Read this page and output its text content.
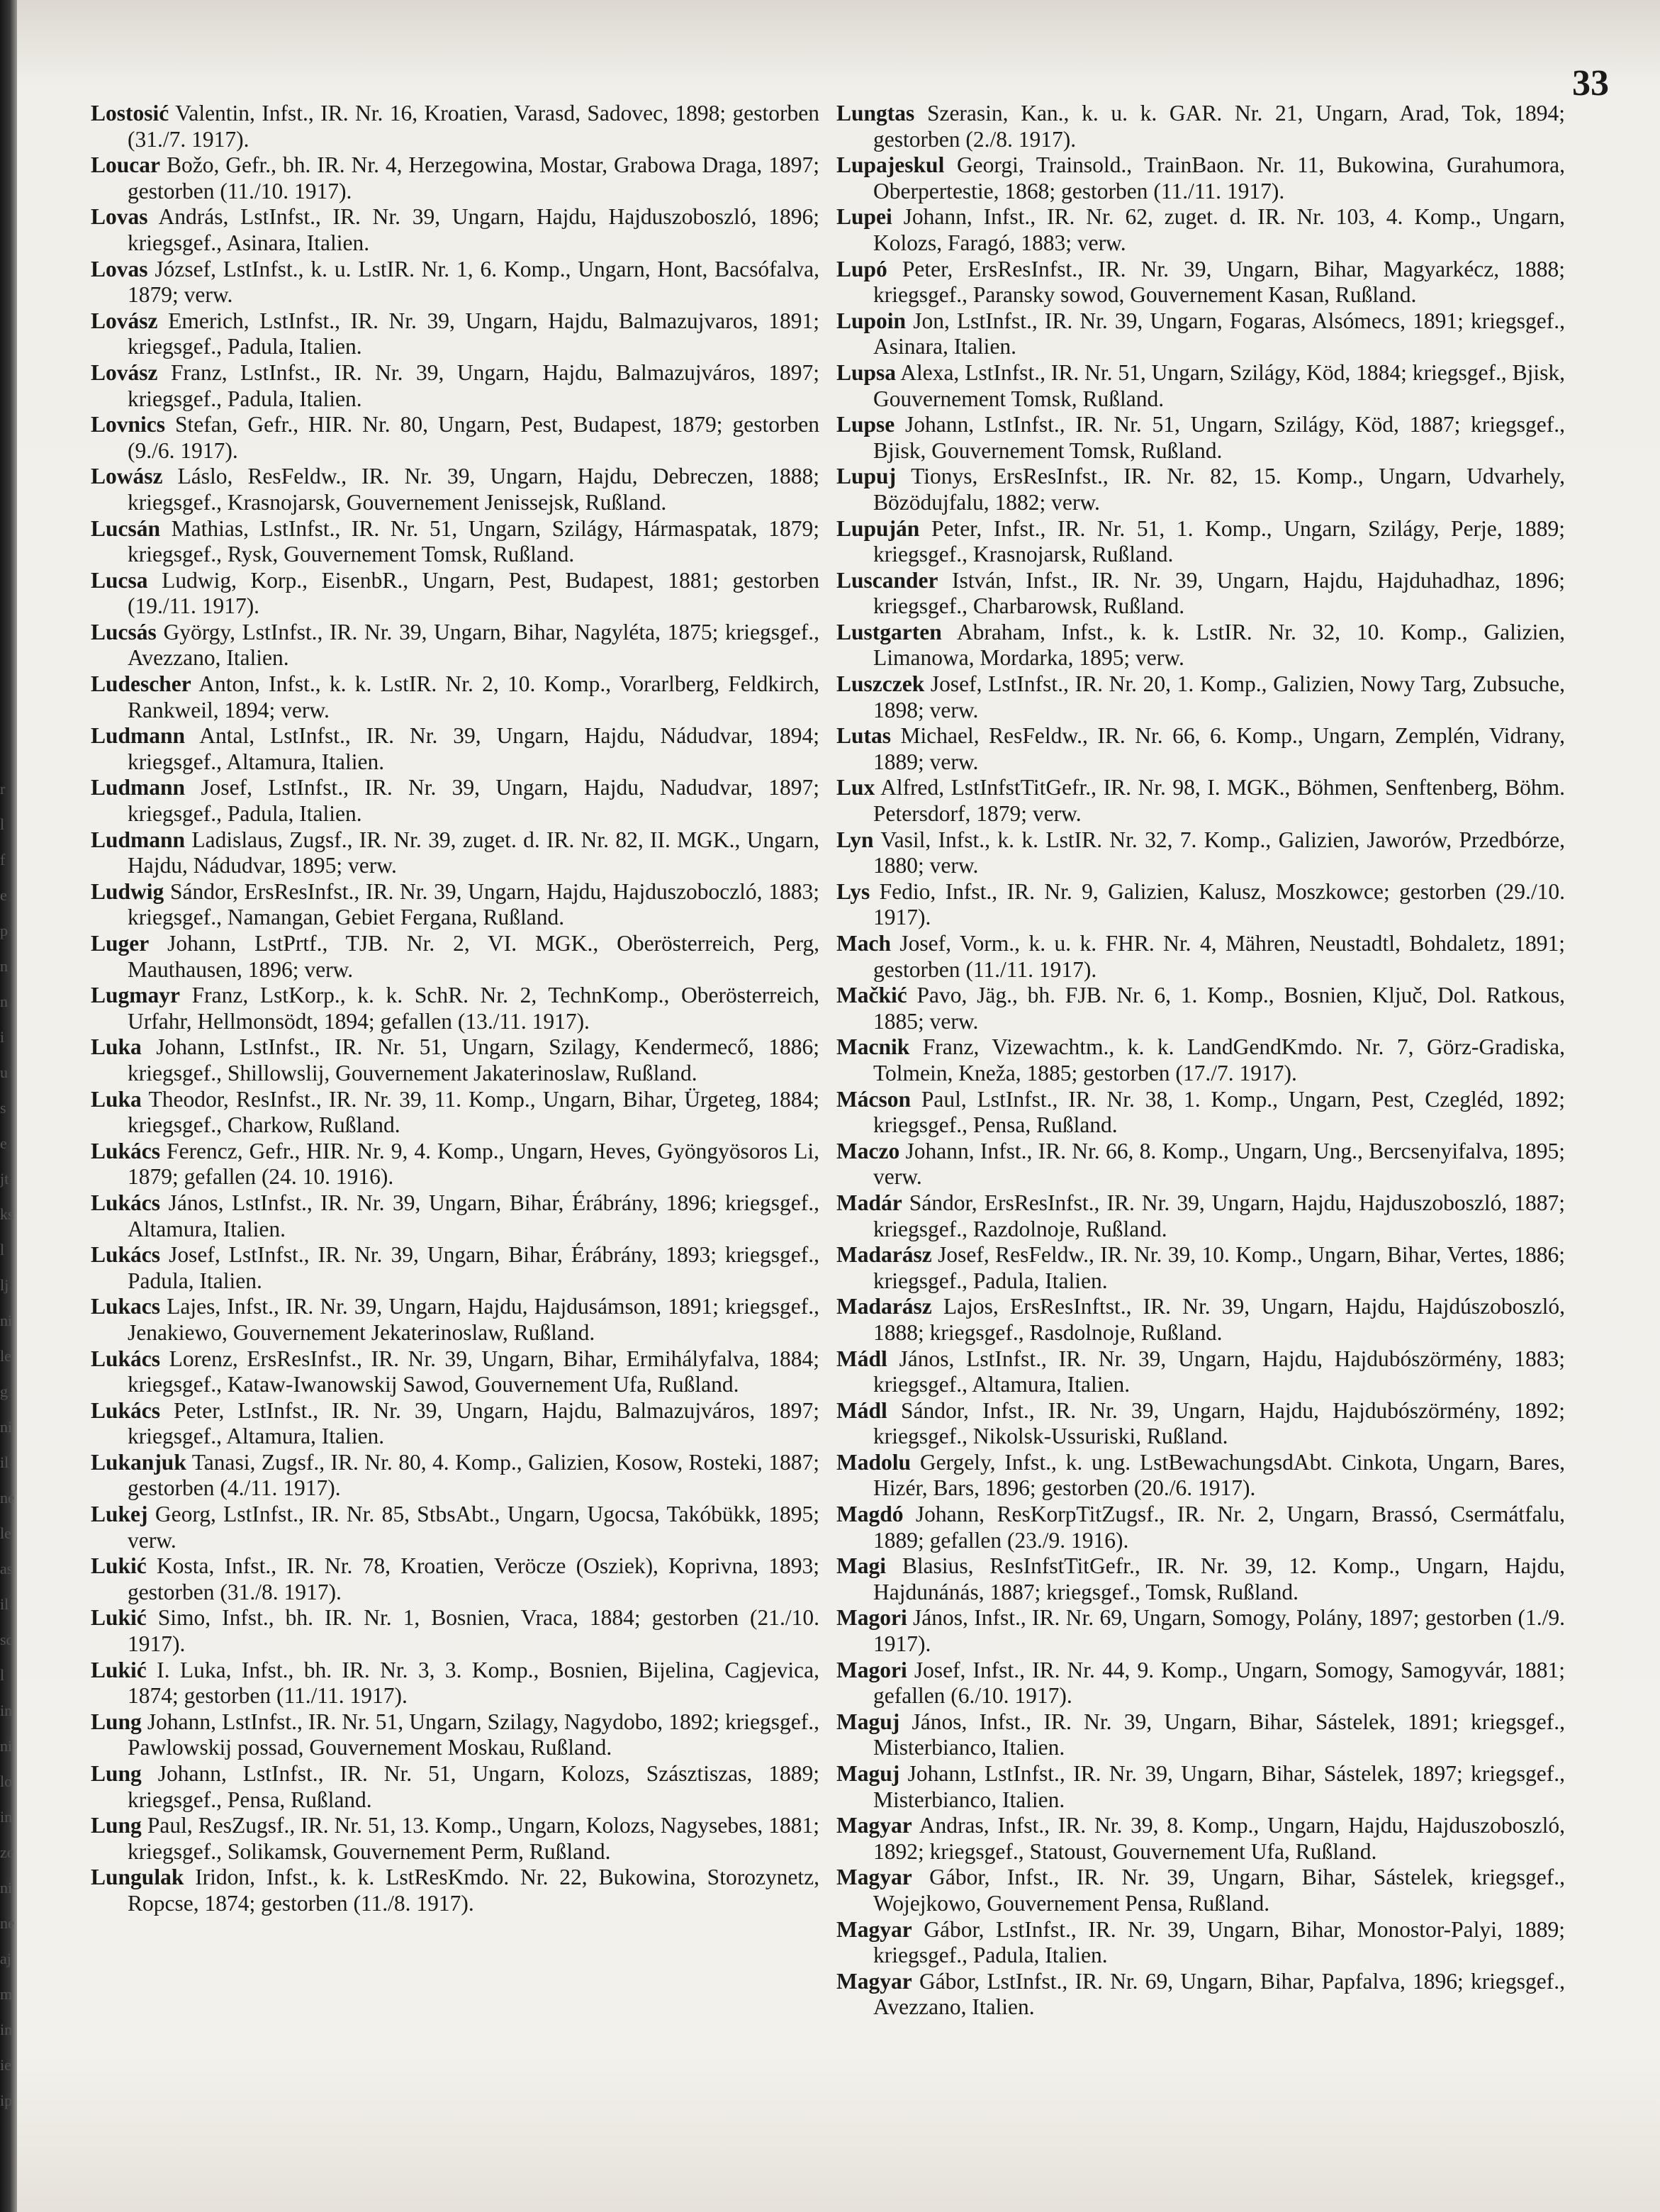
r
l
f
e
p
n
n
i
u
s
e
jt
ks
l
lj
ni
le
g
ni
il
ne
le
as
il
sc
l
in
ni
lo
in
ze
ni
ne
aj
m
in
ie
ip
33
Lostosić Valentin, Infst., IR. Nr. 16, Kroatien, Varasd, Sadovec, 1898; gestorben (31./7. 1917).
Loucar Božo, Gefr., bh. IR. Nr. 4, Herzegowina, Mostar, Grabowa Draga, 1897; gestorben (11./10. 1917).
Lovas András, LstInfst., IR. Nr. 39, Ungarn, Hajdu, Hajduszoboszló, 1896; kriegsgef., Asinara, Italien.
Lovas József, LstInfst., k. u. LstIR. Nr. 1, 6. Komp., Ungarn, Hont, Bacsófalva, 1879; verw.
Lovász Emerich, LstInfst., IR. Nr. 39, Ungarn, Hajdu, Balmazujvaros, 1891; kriegsgef., Padula, Italien.
Lovász Franz, LstInfst., IR. Nr. 39, Ungarn, Hajdu, Balmazujváros, 1897; kriegsgef., Padula, Italien.
Lovnics Stefan, Gefr., HIR. Nr. 80, Ungarn, Pest, Budapest, 1879; gestorben (9./6. 1917).
Lowász Láslo, ResFeldw., IR. Nr. 39, Ungarn, Hajdu, Debreczen, 1888; kriegsgef., Krasnojarsk, Gouvernement Jenissejsk, Rußland.
Lucsán Mathias, LstInfst., IR. Nr. 51, Ungarn, Szilágy, Hármaspatak, 1879; kriegsgef., Rysk, Gouvernement Tomsk, Rußland.
Lucsa Ludwig, Korp., EisenbR., Ungarn, Pest, Budapest, 1881; gestorben (19./11. 1917).
Lucsás György, LstInfst., IR. Nr. 39, Ungarn, Bihar, Nagyléta, 1875; kriegsgef., Avezzano, Italien.
Ludescher Anton, Infst., k. k. LstIR. Nr. 2, 10. Komp., Vorarlberg, Feldkirch, Rankweil, 1894; verw.
Ludmann Antal, LstInfst., IR. Nr. 39, Ungarn, Hajdu, Nádudvar, 1894; kriegsgef., Altamura, Italien.
Ludmann Josef, LstInfst., IR. Nr. 39, Ungarn, Hajdu, Nadudvar, 1897; kriegsgef., Padula, Italien.
Ludmann Ladislaus, Zugsf., IR. Nr. 39, zuget. d. IR. Nr. 82, II. MGK., Ungarn, Hajdu, Nádudvar, 1895; verw.
Ludwig Sándor, ErsResInfst., IR. Nr. 39, Ungarn, Hajdu, Hajduszoboczló, 1883; kriegsgef., Namangan, Gebiet Fergana, Rußland.
Luger Johann, LstPrtf., TJB. Nr. 2, VI. MGK., Oberösterreich, Perg, Mauthausen, 1896; verw.
Lugmayr Franz, LstKorp., k. k. SchR. Nr. 2, TechnKomp., Oberösterreich, Urfahr, Hellmonsödt, 1894; gefallen (13./11. 1917).
Luka Johann, LstInfst., IR. Nr. 51, Ungarn, Szilagy, Kendermecő, 1886; kriegsgef., Shillowslij, Gouvernement Jakaterinoslaw, Rußland.
Luka Theodor, ResInfst., IR. Nr. 39, 11. Komp., Ungarn, Bihar, Ürgeteg, 1884; kriegsgef., Charkow, Rußland.
Lukács Ferencz, Gefr., HIR. Nr. 9, 4. Komp., Ungarn, Heves, Gyöngyösoros Li, 1879; gefallen (24. 10. 1916).
Lukács János, LstInfst., IR. Nr. 39, Ungarn, Bihar, Érábrány, 1896; kriegsgef., Altamura, Italien.
Lukács Josef, LstInfst., IR. Nr. 39, Ungarn, Bihar, Érábrány, 1893; kriegsgef., Padula, Italien.
Lukacs Lajes, Infst., IR. Nr. 39, Ungarn, Hajdu, Hajdusámson, 1891; kriegsgef., Jenakiewo, Gouvernement Jekaterinoslaw, Rußland.
Lukács Lorenz, ErsResInfst., IR. Nr. 39, Ungarn, Bihar, Ermihályfalva, 1884; kriegsgef., Kataw-Iwanowskij Sawod, Gouvernement Ufa, Rußland.
Lukács Peter, LstInfst., IR. Nr. 39, Ungarn, Hajdu, Balmazujváros, 1897; kriegsgef., Altamura, Italien.
Lukanjuk Tanasi, Zugsf., IR. Nr. 80, 4. Komp., Galizien, Kosow, Rosteki, 1887; gestorben (4./11. 1917).
Lukej Georg, LstInfst., IR. Nr. 85, StbsAbt., Ungarn, Ugocsa, Takóbükk, 1895; verw.
Lukić Kosta, Infst., IR. Nr. 78, Kroatien, Veröcze (Osziek), Koprivna, 1893; gestorben (31./8. 1917).
Lukić Simo, Infst., bh. IR. Nr. 1, Bosnien, Vraca, 1884; gestorben (21./10. 1917).
Lukić I. Luka, Infst., bh. IR. Nr. 3, 3. Komp., Bosnien, Bijelina, Cagjevica, 1874; gestorben (11./11. 1917).
Lung Johann, LstInfst., IR. Nr. 51, Ungarn, Szilagy, Nagydobo, 1892; kriegsgef., Pawlowskij possad, Gouvernement Moskau, Rußland.
Lung Johann, LstInfst., IR. Nr. 51, Ungarn, Kolozs, Szásztiszas, 1889; kriegsgef., Pensa, Rußland.
Lung Paul, ResZugsf., IR. Nr. 51, 13. Komp., Ungarn, Kolozs, Nagysebes, 1881; kriegsgef., Solikamsk, Gouvernement Perm, Rußland.
Lungulak Iridon, Infst., k. k. LstResKmdo. Nr. 22, Bukowina, Storozynetz, Ropcse, 1874; gestorben (11./8. 1917).
Lungtas Szerasin, Kan., k. u. k. GAR. Nr. 21, Ungarn, Arad, Tok, 1894; gestorben (2./8. 1917).
Lupajeskul Georgi, Trainsold., TrainBaon. Nr. 11, Bukowina, Gurahumora, Oberpertestie, 1868; gestorben (11./11. 1917).
Lupei Johann, Infst., IR. Nr. 62, zuget. d. IR. Nr. 103, 4. Komp., Ungarn, Kolozs, Faragó, 1883; verw.
Lupó Peter, ErsResInfst., IR. Nr. 39, Ungarn, Bihar, Magyarkécz, 1888; kriegsgef., Paransky sowod, Gouvernement Kasan, Rußland.
Lupoin Jon, LstInfst., IR. Nr. 39, Ungarn, Fogaras, Alsómecs, 1891; kriegsgef., Asinara, Italien.
Lupsa Alexa, LstInfst., IR. Nr. 51, Ungarn, Szilágy, Köd, 1884; kriegsgef., Bjisk, Gouvernement Tomsk, Rußland.
Lupse Johann, LstInfst., IR. Nr. 51, Ungarn, Szilágy, Köd, 1887; kriegsgef., Bjisk, Gouvernement Tomsk, Rußland.
Lupuj Tionys, ErsResInfst., IR. Nr. 82, 15. Komp., Ungarn, Udvarhely, Bözödujfalu, 1882; verw.
Lupuján Peter, Infst., IR. Nr. 51, 1. Komp., Ungarn, Szilágy, Perje, 1889; kriegsgef., Krasnojarsk, Rußland.
Luscander István, Infst., IR. Nr. 39, Ungarn, Hajdu, Hajduhadhaz, 1896; kriegsgef., Charbarowsk, Rußland.
Lustgarten Abraham, Infst., k. k. LstIR. Nr. 32, 10. Komp., Galizien, Limanowa, Mordarka, 1895; verw.
Luszczek Josef, LstInfst., IR. Nr. 20, 1. Komp., Galizien, Nowy Targ, Zubsuche, 1898; verw.
Lutas Michael, ResFeldw., IR. Nr. 66, 6. Komp., Ungarn, Zemplén, Vidrany, 1889; verw.
Lux Alfred, LstInfstTitGefr., IR. Nr. 98, I. MGK., Böhmen, Senftenberg, Böhm. Petersdorf, 1879; verw.
Lyn Vasil, Infst., k. k. LstIR. Nr. 32, 7. Komp., Galizien, Jaworów, Przedbórze, 1880; verw.
Lys Fedio, Infst., IR. Nr. 9, Galizien, Kalusz, Moszkowce; gestorben (29./10. 1917).
Mach Josef, Vorm., k. u. k. FHR. Nr. 4, Mähren, Neustadtl, Bohdaletz, 1891; gestorben (11./11. 1917).
Mačkić Pavo, Jäg., bh. FJB. Nr. 6, 1. Komp., Bosnien, Ključ, Dol. Ratkous, 1885; verw.
Macnik Franz, Vizewachtm., k. k. LandGendKmdo. Nr. 7, Görz-Gradiska, Tolmein, Kneža, 1885; gestorben (17./7. 1917).
Mácson Paul, LstInfst., IR. Nr. 38, 1. Komp., Ungarn, Pest, Czegléd, 1892; kriegsgef., Pensa, Rußland.
Maczo Johann, Infst., IR. Nr. 66, 8. Komp., Ungarn, Ung., Bercsenyifalva, 1895; verw.
Madár Sándor, ErsResInfst., IR. Nr. 39, Ungarn, Hajdu, Hajduszoboszló, 1887; kriegsgef., Razdolnoje, Rußland.
Madarász Josef, ResFeldw., IR. Nr. 39, 10. Komp., Ungarn, Bihar, Vertes, 1886; kriegsgef., Padula, Italien.
Madarász Lajos, ErsResInftst., IR. Nr. 39, Ungarn, Hajdu, Hajdúszoboszló, 1888; kriegsgef., Rasdolnoje, Rußland.
Mádl János, LstInfst., IR. Nr. 39, Ungarn, Hajdu, Hajdubószörmény, 1883; kriegsgef., Altamura, Italien.
Mádl Sándor, Infst., IR. Nr. 39, Ungarn, Hajdu, Hajdubószörmény, 1892; kriegsgef., Nikolsk-Ussuriski, Rußland.
Madolu Gergely, Infst., k. ung. LstBewachungsdAbt. Cinkota, Ungarn, Bares, Hizér, Bars, 1896; gestorben (20./6. 1917).
Magdó Johann, ResKorpTitZugsf., IR. Nr. 2, Ungarn, Brassó, Csermátfalu, 1889; gefallen (23./9. 1916).
Magi Blasius, ResInfstTitGefr., IR. Nr. 39, 12. Komp., Ungarn, Hajdu, Hajdunánás, 1887; kriegsgef., Tomsk, Rußland.
Magori János, Infst., IR. Nr. 69, Ungarn, Somogy, Polány, 1897; gestorben (1./9. 1917).
Magori Josef, Infst., IR. Nr. 44, 9. Komp., Ungarn, Somogy, Samogyvár, 1881; gefallen (6./10. 1917).
Maguj János, Infst., IR. Nr. 39, Ungarn, Bihar, Sástelek, 1891; kriegsgef., Misterbianco, Italien.
Maguj Johann, LstInfst., IR. Nr. 39, Ungarn, Bihar, Sástelek, 1897; kriegsgef., Misterbianco, Italien.
Magyar Andras, Infst., IR. Nr. 39, 8. Komp., Ungarn, Hajdu, Hajduszoboszló, 1892; kriegsgef., Statoust, Gouvernement Ufa, Rußland.
Magyar Gábor, Infst., IR. Nr. 39, Ungarn, Bihar, Sástelek, kriegsgef., Wojejkowo, Gouvernement Pensa, Rußland.
Magyar Gábor, LstInfst., IR. Nr. 39, Ungarn, Bihar, Monostor-Palyi, 1889; kriegsgef., Padula, Italien.
Magyar Gábor, LstInfst., IR. Nr. 69, Ungarn, Bihar, Papfalva, 1896; kriegsgef., Avezzano, Italien.
